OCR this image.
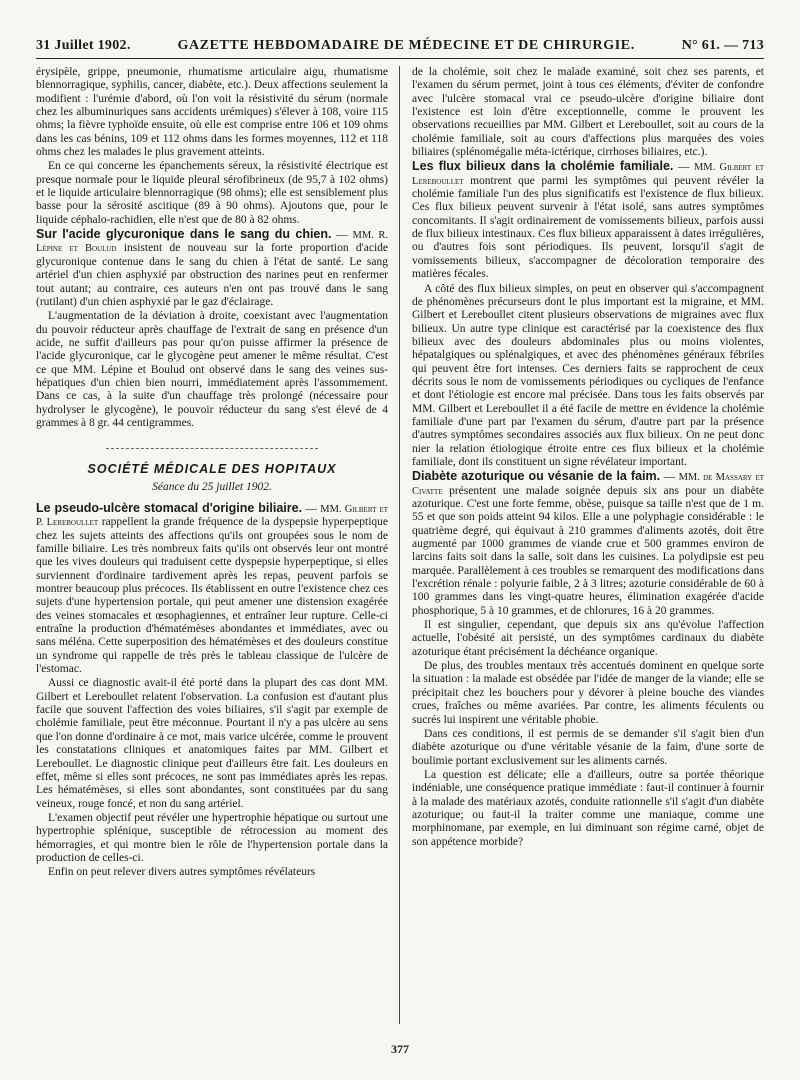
31 Juillet 1902.	GAZETTE HEBDOMADAIRE DE MÉDECINE ET DE CHIRURGIE.	N° 61. — 713

érysipèle, grippe, pneumonie, rhumatisme articulaire aigu, rhumatisme blennorragique, syphilis, cancer, diabète, etc.). Deux affections seulement la modifient : l'urémie d'abord, où l'on voit la résistivité du sérum (normale chez les albuminuriques sans accidents urémiques) s'élever à 108, voire 115 ohms; la fièvre typhoïde ensuite, où elle est comprise entre 106 et 109 ohms dans les cas bénins, 109 et 112 ohms dans les formes moyennes, 112 et 118 ohms chez les malades le plus gravement atteints.

En ce qui concerne les épanchements séreux, la résistivité électrique est presque normale pour le liquide pleural sérofibrineux (de 95,7 à 102 ohms) et le liquide articulaire blennorragique (98 ohms); elle est sensiblement plus basse pour la sérosité ascitique (89 à 90 ohms). Ajoutons que, pour le liquide céphalo-rachidien, elle n'est que de 80 à 82 ohms.

Sur l'acide glycuronique dans le sang du chien. — MM. R. Lépine et Boulud insistent de nouveau sur la forte proportion d'acide glycuronique contenue dans le sang du chien à l'état de santé. Le sang artériel d'un chien asphyxié par obstruction des narines peut en renfermer tout autant; au contraire, ces auteurs n'en ont pas trouvé dans le sang (rutilant) d'un chien asphyxié par le gaz d'éclairage.

L'augmentation de la déviation à droite, coexistant avec l'augmentation du pouvoir réducteur après chauffage de l'extrait de sang en présence d'un acide, ne suffit d'ailleurs pas pour qu'on puisse affirmer la présence de l'acide glycuronique, car le glycogène peut amener le même résultat. C'est ce que MM. Lépine et Boulud ont observé dans le sang des veines sus-hépatiques d'un chien bien nourri, immédiatement après l'assommement. Dans ce cas, à la suite d'un chauffage très prolongé (nécessaire pour hydrolyser le glycogène), le pouvoir réducteur du sang s'est élevé de 4 grammes à 8 gr. 44 centigrammes.

SOCIÉTÉ MÉDICALE DES HOPITAUX
Séance du 25 juillet 1902.

Le pseudo-ulcère stomacal d'origine biliaire. — MM. Gilbert et P. Lereboullet rappellent la grande fréquence de la dyspepsie hyperpeptique chez les sujets atteints des affections qu'ils ont groupées sous le nom de famille biliaire. Les très nombreux faits qu'ils ont observés leur ont montré que les vives douleurs qui traduisent cette dyspepsie hyperpeptique, si elles surviennent d'ordinaire tardivement après les repas, peuvent parfois se montrer beaucoup plus précoces. Ils établissent en outre l'existence chez ces sujets d'une hypertension portale, qui peut amener une distension exagérée des veines stomacales et œsophagiennes, et entraîner leur rupture. Celle-ci entraîne la production d'hématémèses abondantes et immédiates, avec ou sans méléna. Cette superposition des hématémèses et des douleurs constitue un syndrome qui rappelle de très près le tableau classique de l'ulcère de l'estomac.

Aussi ce diagnostic avait-il été porté dans la plupart des cas dont MM. Gilbert et Lereboullet relatent l'observation. La confusion est d'autant plus facile que souvent l'affection des voies biliaires, s'il s'agit par exemple de cholémie familiale, peut être méconnue. Pourtant il n'y a pas ulcère au sens que l'on donne d'ordinaire à ce mot, mais varice ulcérée, comme le prouvent les constatations cliniques et anatomiques faites par MM. Gilbert et Lereboullet. Le diagnostic clinique peut d'ailleurs être fait. Les douleurs en effet, même si elles sont précoces, ne sont pas immédiates après les repas. Les hématémèses, si elles sont abondantes, sont constituées par du sang veineux, rouge foncé, et non du sang artériel.

L'examen objectif peut révéler une hypertrophie hépatique ou surtout une hypertrophie splénique, susceptible de rétrocession au moment des hémorragies, et qui montre bien le rôle de l'hypertension portale dans la production de celles-ci.

Enfin on peut relever divers autres symptômes révélateurs

de la cholémie, soit chez le malade examiné, soit chez ses parents, et l'examen du sérum permet, joint à tous ces éléments, d'éviter de confondre avec l'ulcère stomacal vrai ce pseudo-ulcère d'origine biliaire dont l'existence est loin d'être exceptionnelle, comme le prouvent les observations recueillies par MM. Gilbert et Lereboullet, soit au cours de la cholémie familiale, soit au cours d'affections plus marquées des voies biliaires (splénomégalie méta-ictérique, cirrhoses biliaires, etc.).

Les flux bilieux dans la cholémie familiale. — MM. Gilbert et Lereboullet montrent que parmi les symptômes qui peuvent révéler la cholémie familiale l'un des plus significatifs est l'existence de flux bilieux. Ces flux bilieux peuvent survenir à l'état isolé, sans autres symptômes concomitants. Il s'agit ordinairement de vomissements bilieux, parfois aussi de flux bilieux intestinaux. Ces flux bilieux apparaissent à dates irrégulières, ou d'autres fois sont périodiques. Ils peuvent, lorsqu'il s'agit de vomissements bilieux, s'accompagner de décoloration temporaire des matières fécales.

A côté des flux bilieux simples, on peut en observer qui s'accompagnent de phénomènes précurseurs dont le plus important est la migraine, et MM. Gilbert et Lereboullet citent plusieurs observations de migraines avec flux bilieux. Un autre type clinique est caractérisé par la coexistence des flux bilieux avec des douleurs abdominales plus ou moins violentes, hépatalgiques ou splénalgiques, et avec des phénomènes généraux fébriles qui peuvent être fort intenses. Ces derniers faits se rapprochent de ceux décrits sous le nom de vomissements périodiques ou cycliques de l'enfance et dont l'étiologie est encore mal précisée. Dans tous les faits observés par MM. Gilbert et Lereboullet il a été facile de mettre en évidence la cholémie familiale d'une part par l'examen du sérum, d'autre part par la présence d'autres symptômes secondaires associés aux flux bilieux. On ne peut donc nier la relation étiologique étroite entre ces flux bilieux et la cholémie familiale, dont ils constituent un signe révélateur important.

Diabète azoturique ou vésanie de la faim. — MM. de Massary et Civatte présentent une malade soignée depuis six ans pour un diabète azoturique. C'est une forte femme, obèse, puisque sa taille n'est que de 1 m. 55 et que son poids atteint 94 kilos. Elle a une polyphagie considérable : le quatrième degré, qui équivaut à 210 grammes d'aliments azotés, doit être augmenté par 1000 grammes de viande crue et 500 grammes environ de larcins faits soit dans la salle, soit dans les cuisines. La polydipsie est peu marquée. Parallèlement à ces troubles se remarquent des modifications dans l'excrétion rénale : polyurie faible, 2 à 3 litres; azoturie considérable de 60 à 100 grammes dans les vingt-quatre heures, élimination exagérée d'acide phosphorique, 5 à 10 grammes, et de chlorures, 16 à 20 grammes.

Il est singulier, cependant, que depuis six ans qu'évolue l'affection actuelle, l'obésité ait persisté, un des symptômes cardinaux du diabète azoturique étant précisément la déchéance organique.

De plus, des troubles mentaux très accentués dominent en quelque sorte la situation : la malade est obsédée par l'idée de manger de la viande; elle se précipitait chez les bouchers pour y dévorer à pleine bouche des viandes crues, fraîches ou même avariées. Par contre, les aliments féculents ou sucrés lui inspirent une véritable phobie.

Dans ces conditions, il est permis de se demander s'il s'agit bien d'un diabète azoturique ou d'une véritable vésanie de la faim, d'une sorte de boulimie portant exclusivement sur les aliments carnés.

La question est délicate; elle a d'ailleurs, outre sa portée théorique indéniable, une conséquence pratique immédiate : faut-il continuer à fournir à la malade des matériaux azotés, conduite rationnelle s'il s'agit d'un diabète azoturique; ou faut-il la traiter comme une maniaque, comme une morphinomane, par exemple, en lui diminuant son régime carné, objet de son appétence morbide?

377
